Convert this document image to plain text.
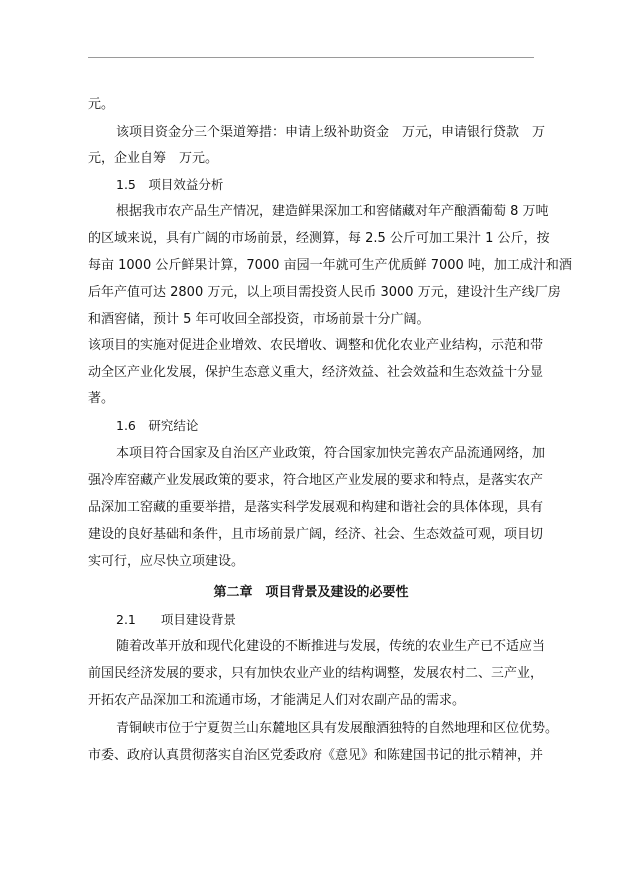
元。
该项目资金分三个渠道筹措：申请上级补助资金　万元，申请银行贷款　万
元，企业自筹　万元。
1.5　项目效益分析
根据我市农产品生产情况，建造鲜果深加工和窖储藏对年产酿酒葡萄 8 万吨
的区域来说，具有广阔的市场前景，经测算，每 2.5 公斤可加工果汁 1 公斤，按
每亩 1000 公斤鲜果计算，7000 亩园一年就可生产优质鲜 7000 吨，加工成汁和酒
后年产值可达 2800 万元，以上项目需投资人民币 3000 万元，建设汁生产线厂房
和酒窖储，预计 5 年可收回全部投资，市场前景十分广阔。
该项目的实施对促进企业增效、农民增收、调整和优化农业产业结构，示范和带
动全区产业化发展，保护生态意义重大，经济效益、社会效益和生态效益十分显
著。
1.6　研究结论
本项目符合国家及自治区产业政策，符合国家加快完善农产品流通网络，加
强冷库窑藏产业发展政策的要求，符合地区产业发展的要求和特点，是落实农产
品深加工窑藏的重要举措，是落实科学发展观和构建和谐社会的具体体现，具有
建设的良好基础和条件，且市场前景广阔，经济、社会、生态效益可观，项目切
实可行，应尽快立项建设。
第二章　项目背景及建设的必要性
2.1　　项目建设背景
随着改革开放和现代化建设的不断推进与发展，传统的农业生产已不适应当
前国民经济发展的要求，只有加快农业产业的结构调整，发展农村二、三产业，
开拓农产品深加工和流通市场，才能满足人们对农副产品的需求。
青铜峡市位于宁夏贺兰山东麓地区具有发展酿酒独特的自然地理和区位优势。
市委、政府认真贯彻落实自治区党委政府《意见》和陈建国书记的批示精神，并
